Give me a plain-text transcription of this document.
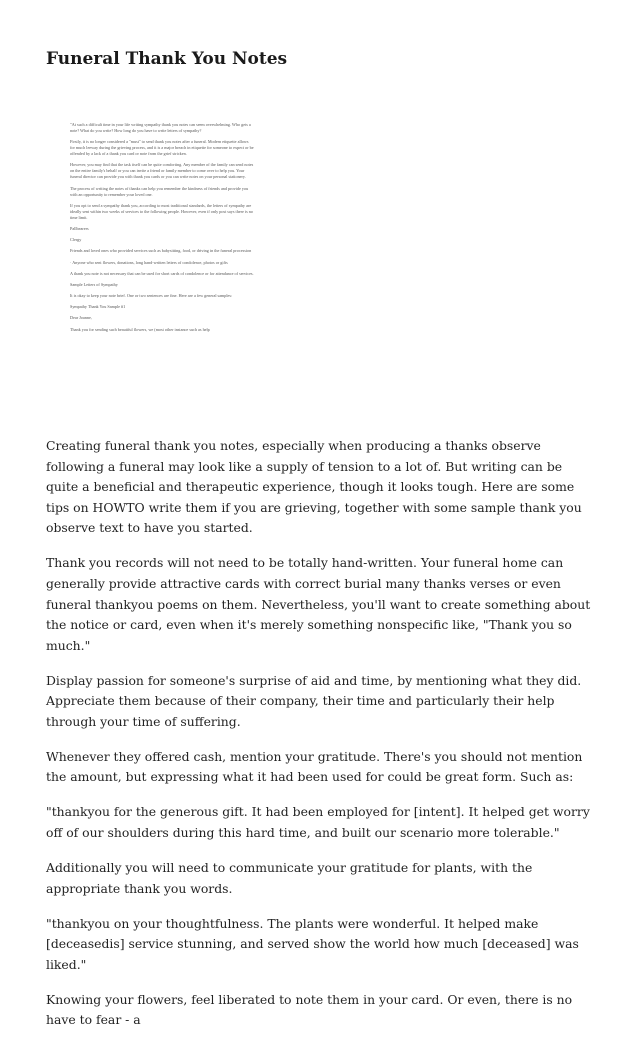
Funeral Thank You Notes

"At such a difficult time in your life writing sympathy thank you notes can seem overwhelming. Who gets a note? What do you write? How long do you have to write letters of sympathy?

Firstly, it is no longer considered a "must" to send thank you notes after a funeral. Modern etiquette allows for much leeway during the grieving process, and it is a major breach in etiquette for someone to expect or be offended by a lack of a thank you card or note from the grief stricken.

However, you may find that the task itself can be quite comforting. Any member of the family can send notes on the entire family's behalf or you can invite a friend or family member to come over to help you. Your funeral director can provide you with thank you cards or you can write notes on your personal stationery.

The process of writing the notes of thanks can help you remember the kindness of friends and provide you with an opportunity to remember your loved one.

If you opt to send a sympathy thank you, according to most traditional standards, the letters of sympathy are ideally sent within two weeks of services to the following people. However, even if only post says there is no time limit.

Pallbearers

Clergy

Friends and loved ones who provided services such as babysitting, food, or driving in the funeral procession

· Anyone who sent flowers, donations, long hand-written letters of condolence, photos or gifts

A thank you note is not necessary that can be used for short cards of condolence or for attendance of services.

Sample Letters of Sympathy

It is okay to keep your note brief. One or two sentences are fine. Here are a few general samples:

Sympathy Thank You Sample #1

Dear Joanne,

Thank you for sending such beautiful flowers, we (most other instance such as help

Creating funeral thank you notes, especially when producing a thanks observe following a funeral may look like a supply of tension to a lot of. But writing can be quite a beneficial and therapeutic experience, though it looks tough. Here are some tips on HOWTO write them if you are grieving, together with some sample thank you observe text to have you started.

Thank you records will not need to be totally hand-written. Your funeral home can generally provide attractive cards with correct burial many thanks verses or even funeral thankyou poems on them. Nevertheless, you'll want to create something about the notice or card, even when it's merely something nonspecific like, "Thank you so much."

Display passion for someone's surprise of aid and time, by mentioning what they did. Appreciate them because of their company, their time and particularly their help through your time of suffering.

Whenever they offered cash, mention your gratitude. There's you should not mention the amount, but expressing what it had been used for could be great form. Such as:

"thankyou for the generous gift. It had been employed for [intent]. It helped get worry off of our shoulders during this hard time, and built our scenario more tolerable."

Additionally you will need to communicate your gratitude for plants, with the appropriate thank you words.

"thankyou on your thoughtfulness. The plants were wonderful. It helped make [deceasedis] service stunning, and served show the world how much [deceased] was liked."

Knowing your flowers, feel liberated to note them in your card. Or even, there is no have to fear - a
